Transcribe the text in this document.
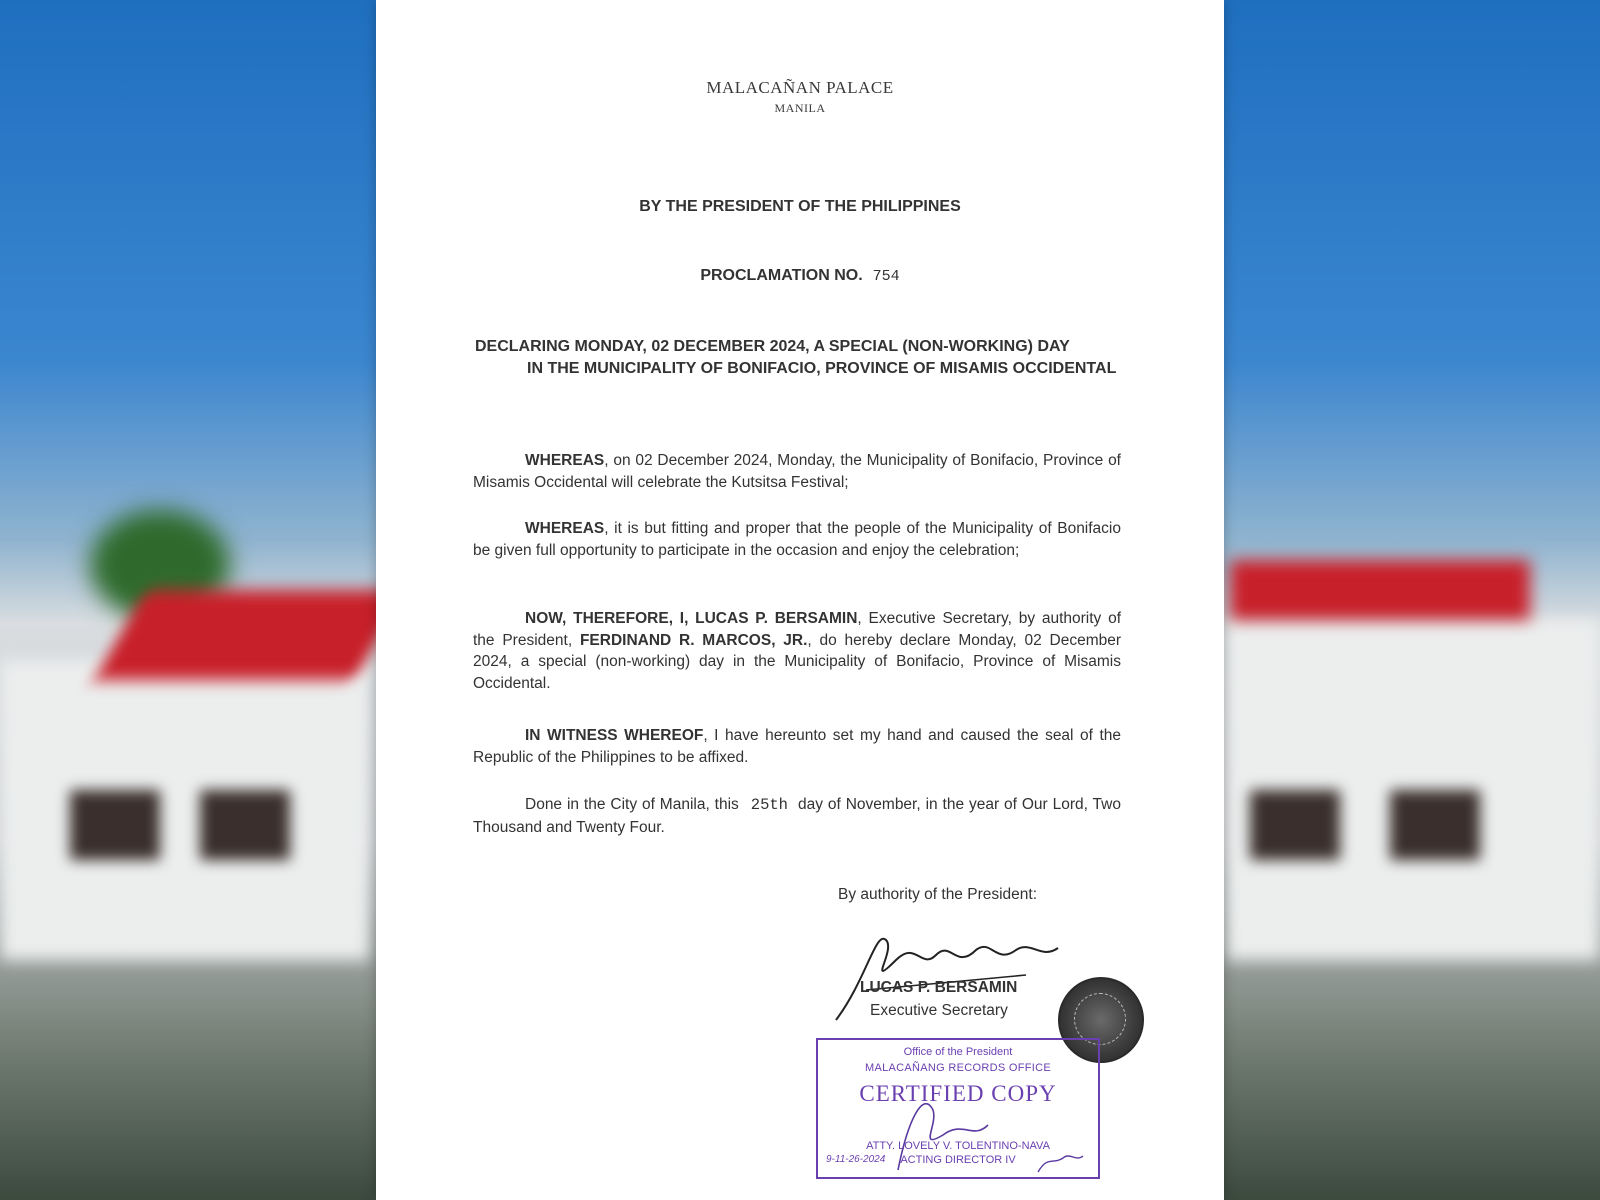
MALACAÑAN PALACE
MANILA
BY THE PRESIDENT OF THE PHILIPPINES
PROCLAMATION NO. 754
DECLARING MONDAY, 02 DECEMBER 2024, A SPECIAL (NON-WORKING) DAY
IN THE MUNICIPALITY OF BONIFACIO, PROVINCE OF MISAMIS OCCIDENTAL
WHEREAS, on 02 December 2024, Monday, the Municipality of Bonifacio, Province of Misamis Occidental will celebrate the Kutsitsa Festival;
WHEREAS, it is but fitting and proper that the people of the Municipality of Bonifacio be given full opportunity to participate in the occasion and enjoy the celebration;
NOW, THEREFORE, I, LUCAS P. BERSAMIN, Executive Secretary, by authority of the President, FERDINAND R. MARCOS, JR., do hereby declare Monday, 02 December 2024, a special (non-working) day in the Municipality of Bonifacio, Province of Misamis Occidental.
IN WITNESS WHEREOF, I have hereunto set my hand and caused the seal of the Republic of the Philippines to be affixed.
Done in the City of Manila, this 25th day of November, in the year of Our Lord, Two Thousand and Twenty Four.
By authority of the President:
LUCAS P. BERSAMIN
Executive Secretary
Office of the President
MALACAÑANG RECORDS OFFICE
CERTIFIED COPY
ATTY. LOVELY V. TOLENTINO-NAVA
ACTING DIRECTOR IV
9-11-26-2024
